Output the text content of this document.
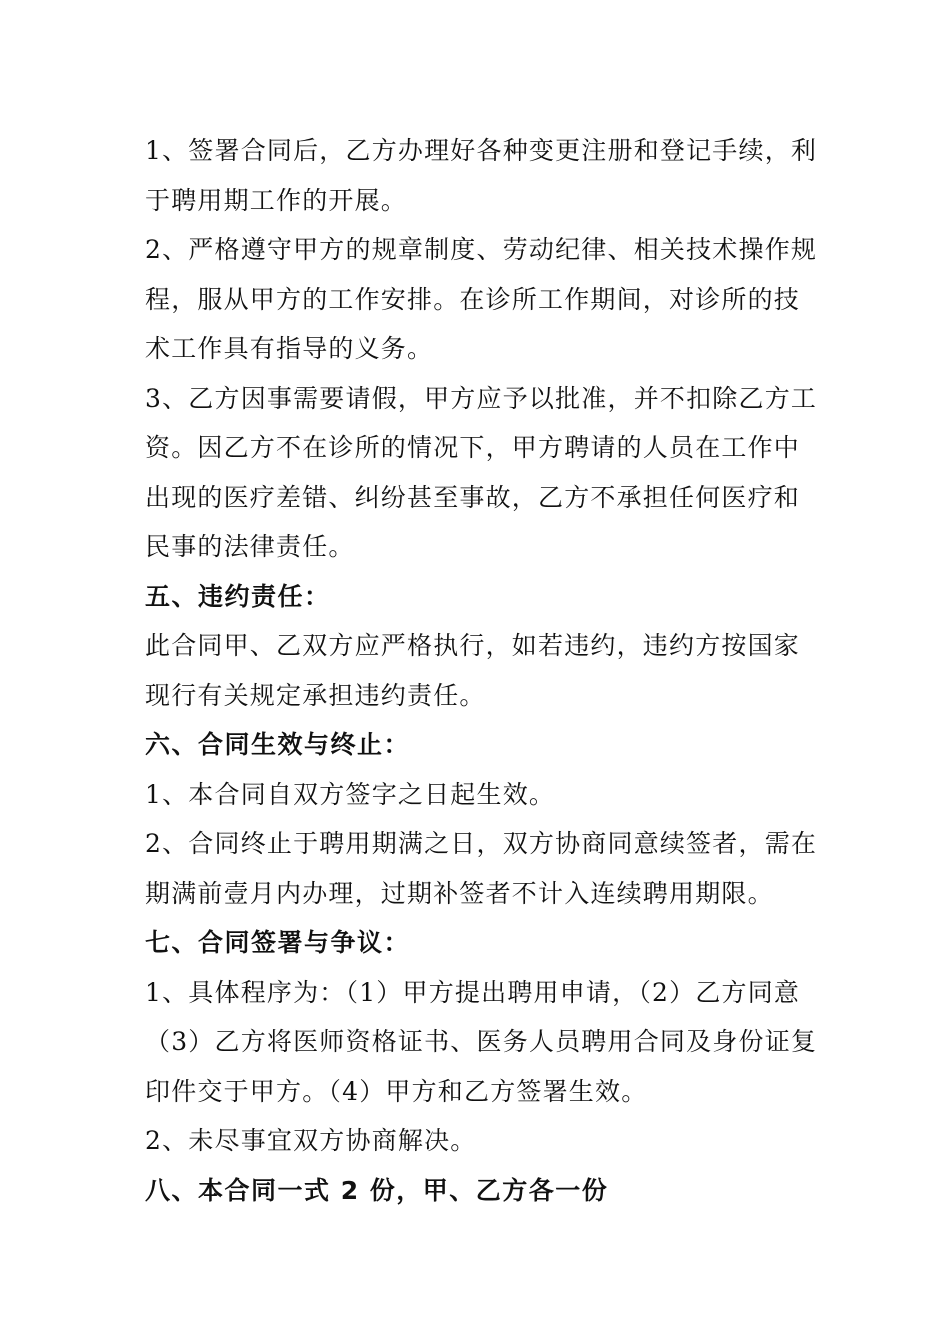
1、签署合同后，乙方办理好各种变更注册和登记手续，利
于聘用期工作的开展。
2、严格遵守甲方的规章制度、劳动纪律、相关技术操作规
程，服从甲方的工作安排。在诊所工作期间，对诊所的技
术工作具有指导的义务。
3、乙方因事需要请假，甲方应予以批准，并不扣除乙方工
资。因乙方不在诊所的情况下，甲方聘请的人员在工作中
出现的医疗差错、纠纷甚至事故，乙方不承担任何医疗和
民事的法律责任。
五、违约责任：
此合同甲、乙双方应严格执行，如若违约，违约方按国家
现行有关规定承担违约责任。
六、合同生效与终止：
1、本合同自双方签字之日起生效。
2、合同终止于聘用期满之日，双方协商同意续签者，需在
期满前壹月内办理，过期补签者不计入连续聘用期限。
七、合同签署与争议：
1、具体程序为：（1）甲方提出聘用申请，（2）乙方同意
（3）乙方将医师资格证书、医务人员聘用合同及身份证复
印件交于甲方。（4）甲方和乙方签署生效。
2、未尽事宜双方协商解决。
八、本合同一式 2 份，甲、乙方各一份
